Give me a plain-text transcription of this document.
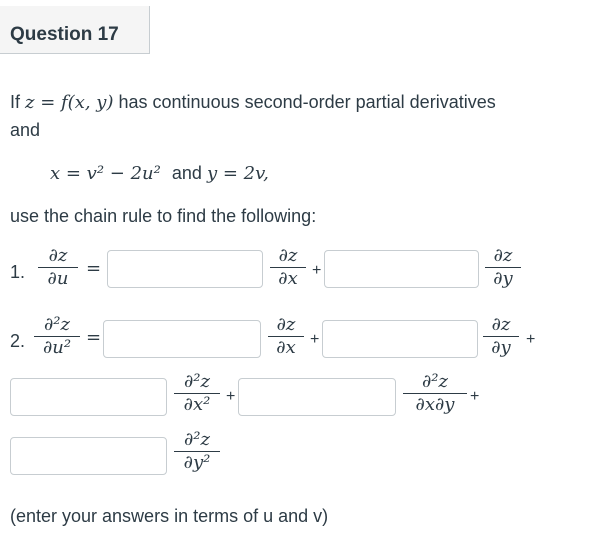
Question 17
If z = f(x, y) has continuous second-order partial derivatives
and
x = v² − 2u² and y = 2v,
use the chain rule to find the following:
1.
∂z
∂u =
∂z
∂x +
∂z
∂y
2.
∂²z
∂u² =
∂z
∂x +
∂z
∂y +
∂²z
∂x² +
∂²z
∂x∂y +
∂²z
∂y²
(enter your answers in terms of u and v)
